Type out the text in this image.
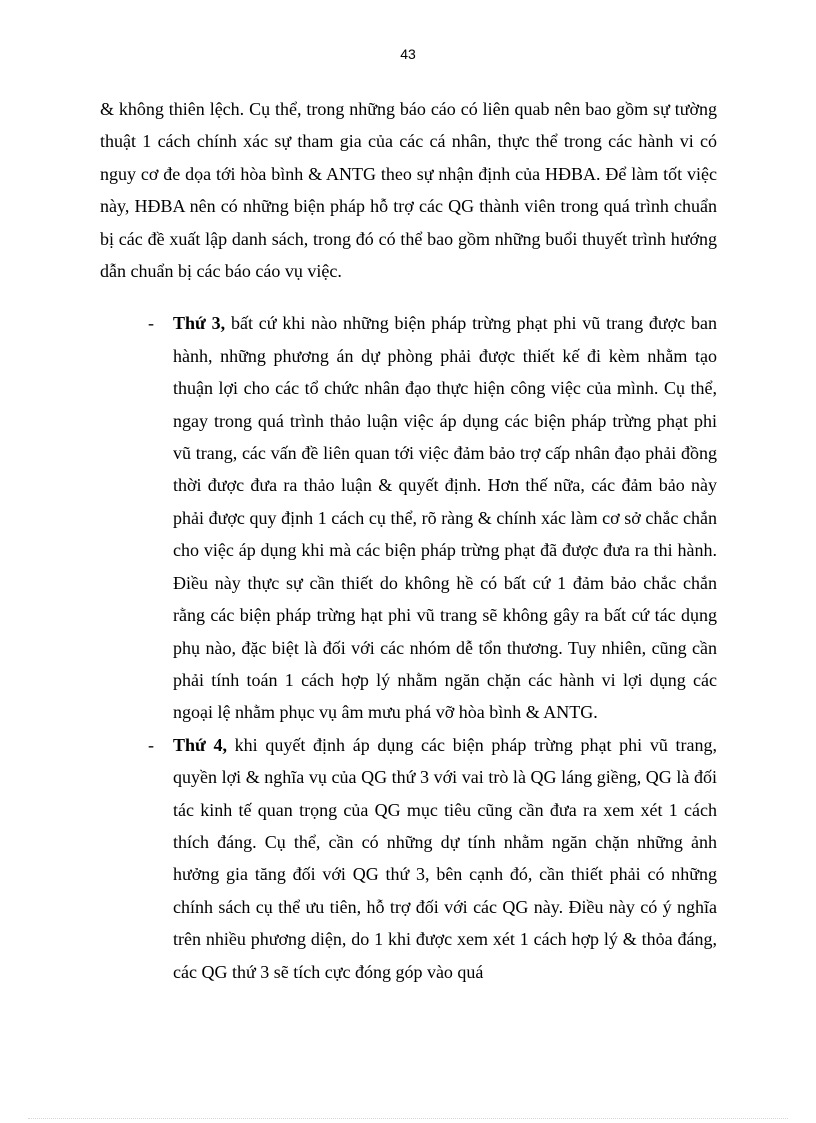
43

& không thiên lệch. Cụ thể, trong những báo cáo có liên quab nên bao gồm sự tường thuật 1 cách chính xác sự tham gia của các cá nhân, thực thể trong các hành vi có nguy cơ đe dọa tới hòa bình & ANTG theo sự nhận định của HĐBA. Để làm tốt việc này, HĐBA nên có những biện pháp hỗ trợ các QG thành viên trong quá trình chuẩn bị các đề xuất lập danh sách, trong đó có thể bao gồm những buổi thuyết trình hướng dẫn chuẩn bị các báo cáo vụ việc.

- Thứ 3, bất cứ khi nào những biện pháp trừng phạt phi vũ trang được ban hành, những phương án dự phòng phải được thiết kế đi kèm nhằm tạo thuận lợi cho các tổ chức nhân đạo thực hiện công việc của mình. Cụ thể, ngay trong quá trình thảo luận việc áp dụng các biện pháp trừng phạt phi vũ trang, các vấn đề liên quan tới việc đảm bảo trợ cấp nhân đạo phải đồng thời được đưa ra thảo luận & quyết định. Hơn thế nữa, các đảm bảo này phải được quy định 1 cách cụ thể, rõ ràng & chính xác làm cơ sở chắc chắn cho việc áp dụng khi mà các biện pháp trừng phạt đã được đưa ra thi hành. Điều này thực sự cần thiết do không hề có bất cứ 1 đảm bảo chắc chắn rằng các biện pháp trừng hạt phi vũ trang sẽ không gây ra bất cứ tác dụng phụ nào, đặc biệt là đối với các nhóm dễ tổn thương. Tuy nhiên, cũng cần phải tính toán 1 cách hợp lý nhằm ngăn chặn các hành vi lợi dụng các ngoại lệ nhằm phục vụ âm mưu phá vỡ hòa bình & ANTG.
- Thứ 4, khi quyết định áp dụng các biện pháp trừng phạt phi vũ trang, quyền lợi & nghĩa vụ của QG thứ 3 với vai trò là QG láng giềng, QG là đối tác kinh tế quan trọng của QG mục tiêu cũng cần đưa ra xem xét 1 cách thích đáng. Cụ thể, cần có những dự tính nhằm ngăn chặn những ảnh hưởng gia tăng đối với QG thứ 3, bên cạnh đó, cần thiết phải có những chính sách cụ thể ưu tiên, hỗ trợ đối với các QG này. Điều này có ý nghĩa trên nhiều phương diện, do 1 khi được xem xét 1 cách hợp lý & thỏa đáng, các QG thứ 3 sẽ tích cực đóng góp vào quá
